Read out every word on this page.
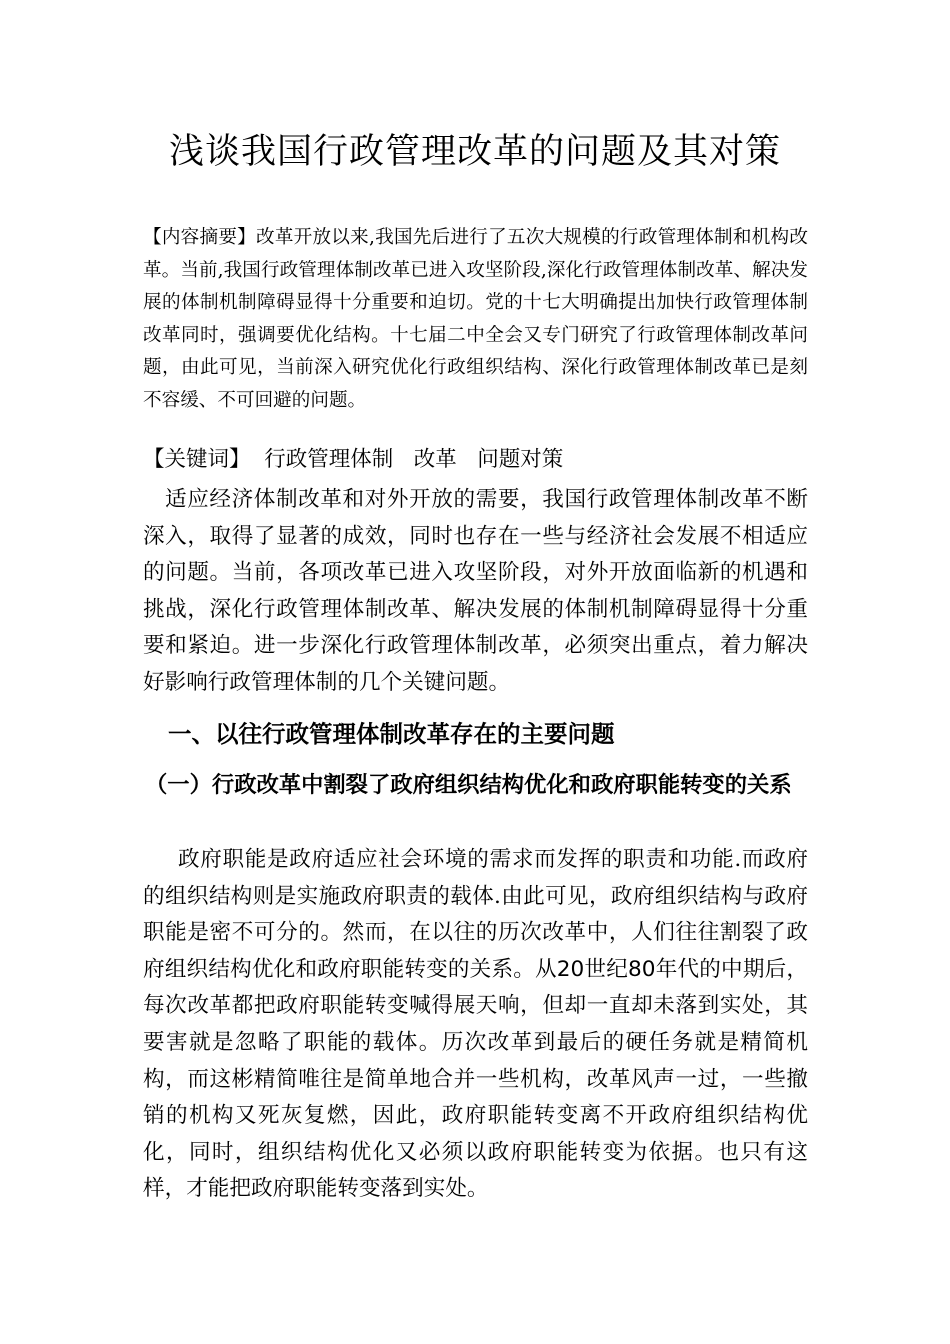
浅谈我国行政管理改革的问题及其对策

【内容摘要】改革开放以来,我国先后进行了五次大规模的行政管理体制和机构改革。当前,我国行政管理体制改革已进入攻坚阶段,深化行政管理体制改革、解决发展的体制机制障碍显得十分重要和迫切。党的十七大明确提出加快行政管理体制改革同时，强调要优化结构。十七届二中全会又专门研究了行政管理体制改革问题，由此可见，当前深入研究优化行政组织结构、深化行政管理体制改革已是刻不容缓、不可回避的问题。

【关键词】 行政管理体制 改革 问题对策

适应经济体制改革和对外开放的需要，我国行政管理体制改革不断深入，取得了显著的成效，同时也存在一些与经济社会发展不相适应的问题。当前，各项改革已进入攻坚阶段，对外开放面临新的机遇和挑战，深化行政管理体制改革、解决发展的体制机制障碍显得十分重要和紧迫。进一步深化行政管理体制改革，必须突出重点，着力解决好影响行政管理体制的几个关键问题。

一、以往行政管理体制改革存在的主要问题
（一）行政改革中割裂了政府组织结构优化和政府职能转变的关系

政府职能是政府适应社会环境的需求而发挥的职责和功能.而政府的组织结构则是实施政府职责的载体.由此可见，政府组织结构与政府职能是密不可分的。然而，在以往的历次改革中，人们往往割裂了政府组织结构优化和政府职能转变的关系。从20世纪80年代的中期后，每次改革都把政府职能转变喊得展天响，但却一直却未落到实处，其要害就是忽略了职能的载体。历次改革到最后的硬任务就是精简机构，而这彬精简唯往是简单地合并一些机构，改革风声一过，一些撤销的机构又死灰复燃，因此，政府职能转变离不开政府组织结构优化，同时，组织结构优化又必须以政府职能转变为依据。也只有这样，才能把政府职能转变落到实处。
